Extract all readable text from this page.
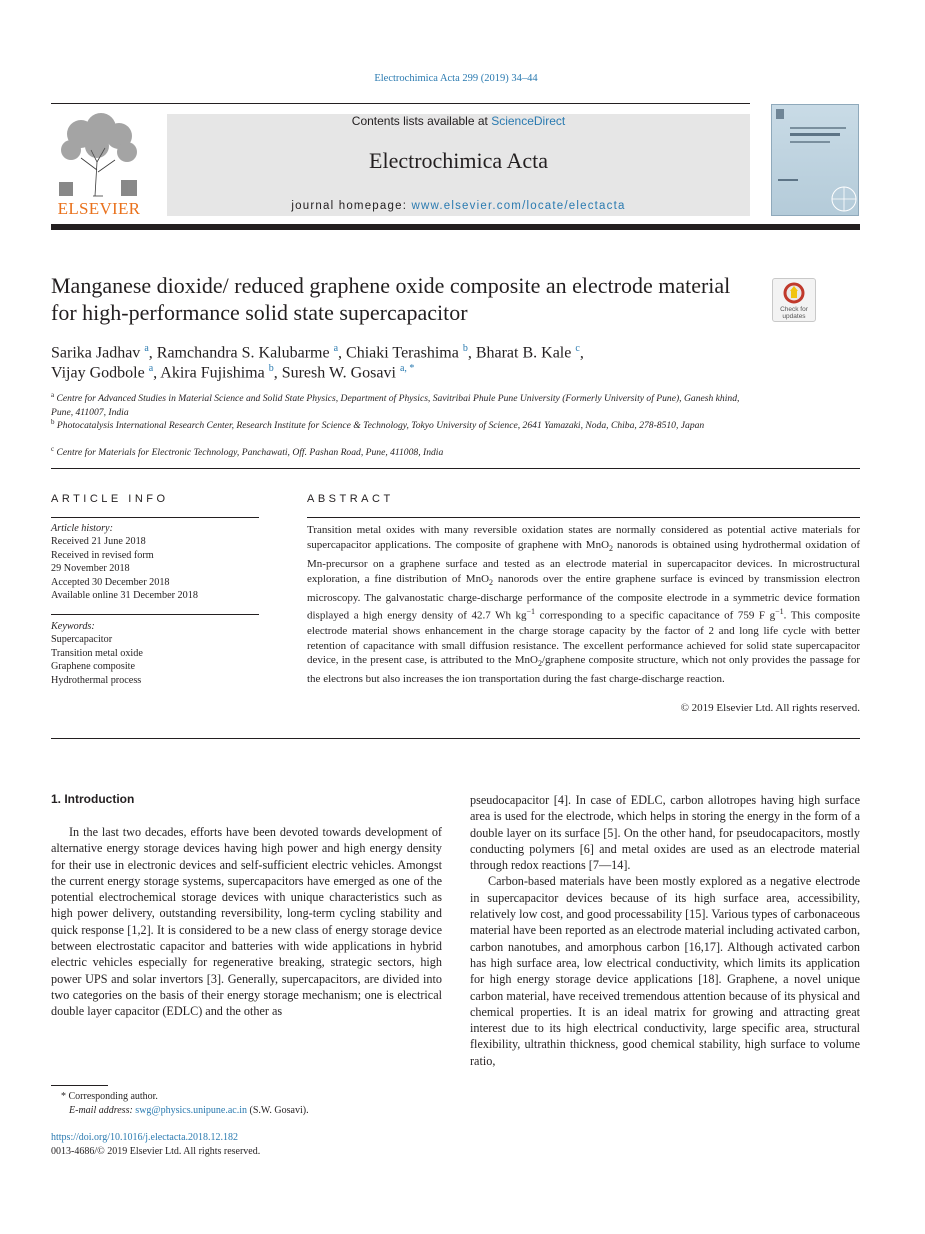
Electrochimica Acta 299 (2019) 34–44
ELSEVIER
Contents lists available at ScienceDirect
Electrochimica Acta
journal homepage: www.elsevier.com/locate/electacta
Manganese dioxide/ reduced graphene oxide composite an electrode material for high-performance solid state supercapacitor	Check for
updates
Sarika Jadhav $^a$, Ramchandra S. Kalubarme $^a$, Chiaki Terashima $^b$, Bharat B. Kale $^c$,
Vijay Godbole $^a$, Akira Fujishima $^b$, Suresh W. Gosavi $^{a, *}$
$^a$ Centre for Advanced Studies in Material Science and Solid State Physics, Department of Physics, Savitribai Phule Pune University (Formerly University of Pune), Ganesh khind, Pune, 411007, India
$^b$ Photocatalysis International Research Center, Research Institute for Science & Technology, Tokyo University of Science, 2641 Yamazaki, Noda, Chiba, 278-8510, Japan
$^c$ Centre for Materials for Electronic Technology, Panchawati, Off. Pashan Road, Pune, 411008, India
ARTICLE INFO
Article history:
Received 21 June 2018
Received in revised form
29 November 2018
Accepted 30 December 2018
Available online 31 December 2018
Keywords:
Supercapacitor
Transition metal oxide
Graphene composite
Hydrothermal process
ABSTRACT
Transition metal oxides with many reversible oxidation states are normally considered as potential active materials for supercapacitor applications. The composite of graphene with MnO$_2$ nanorods is obtained using hydrothermal oxidation of Mn-precursor on a graphene surface and tested as an electrode material in supercapacitor devices. In microstructural exploration, a fine distribution of MnO$_2$ nanorods over the entire graphene surface is evinced by transmission electron microscopy. The galvanostatic charge-discharge performance of the composite electrode in a symmetric device formation displayed a high energy density of 42.7 Wh $kg^{-1}$ corresponding to a specific capacitance of 759 F $g^{-1}$. This composite electrode material shows enhancement in the charge storage capacity by the factor of 2 and long life cycle with better retention of capacitance with small diffusion resistance. The excellent performance achieved for solid state supercapacitor device, in the present case, is attributed to the MnO$_2$/graphene composite structure, which not only provides the passage for the electrons but also increases the ion transportation during the fast charge-discharge reaction.
© 2019 Elsevier Ltd. All rights reserved.
1. Introduction

In the last two decades, efforts have been devoted towards development of alternative energy storage devices having high power and high energy density for their use in electronic devices and self-sufficient electric vehicles. Amongst the current energy storage systems, supercapacitors have emerged as one of the potential electrochemical storage devices with unique characteristics such as high power delivery, outstanding reversibility, long-term cycling stability and quick response [1,2]. It is considered to be a new class of energy storage device between electrostatic capacitor and batteries with wide applications in hybrid electric vehicles especially for regenerative breaking, strategic sectors, high power UPS and solar invertors [3]. Generally, supercapacitors, are divided into two categories on the basis of their energy storage mechanism; one is electrical double layer capacitor (EDLC) and the other as

pseudocapacitor [4]. In case of EDLC, carbon allotropes having high surface area is used for the electrode, which helps in storing the energy in the form of a double layer on its surface [5]. On the other hand, for pseudocapacitors, mostly conducting polymers [6] and metal oxides are used as an electrode material through redox reactions [7—14].

Carbon-based materials have been mostly explored as a negative electrode in supercapacitor devices because of its high surface area, accessibility, relatively low cost, and good processability [15]. Various types of carbonaceous material have been reported as an electrode material including activated carbon, carbon nanotubes, and amorphous carbon [16,17]. Although activated carbon has high surface area, low electrical conductivity, which limits its application for high energy storage device applications [18]. Graphene, a novel unique carbon material, have received tremendous attention because of its physical and chemical properties. It is an ideal matrix for growing and attracting great interest due to its high electrical conductivity, large specific area, structural flexibility, ultrathin thickness, good chemical stability, high surface to volume ratio,

* Corresponding author.
E-mail address: swg@physics.unipune.ac.in (S.W. Gosavi).
https://doi.org/10.1016/j.electacta.2018.12.182
0013-4686/© 2019 Elsevier Ltd. All rights reserved.
